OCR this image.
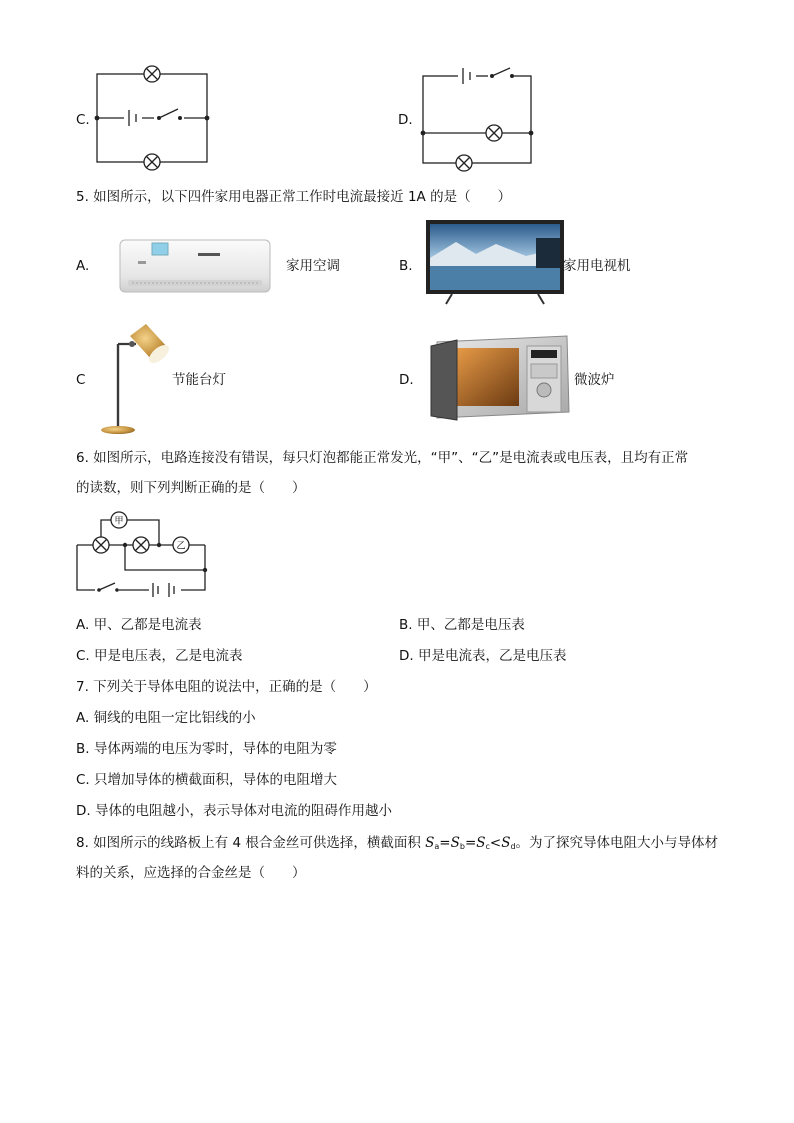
C.	D.
5. 如图所示，以下四件家用电器正常工作时电流最接近 1A 的是（　　）
A.	家用空调	B.	家用电视机
C	节能台灯	D.	微波炉
6. 如图所示，电路连接没有错误，每只灯泡都能正常发光，“甲”、“乙”是电流表或电压表，且均有正常
的读数，则下列判断正确的是（　　）
甲
乙
A. 甲、乙都是电流表	B. 甲、乙都是电压表
C. 甲是电压表，乙是电流表	D. 甲是电流表，乙是电压表
7. 下列关于导体电阻的说法中，正确的是（　　）
A. 铜线的电阻一定比铝线的小
B. 导体两端的电压为零时，导体的电阻为零
C. 只增加导体的横截面积，导体的电阻增大
D. 导体的电阻越小，表示导体对电流的阻碍作用越小
8. 如图所示的线路板上有 4 根合金丝可供选择，横截面积 $S_a=S_b=S_c<S_d$。为了探究导体电阻大小与导体材
料的关系，应选择的合金丝是（　　）
